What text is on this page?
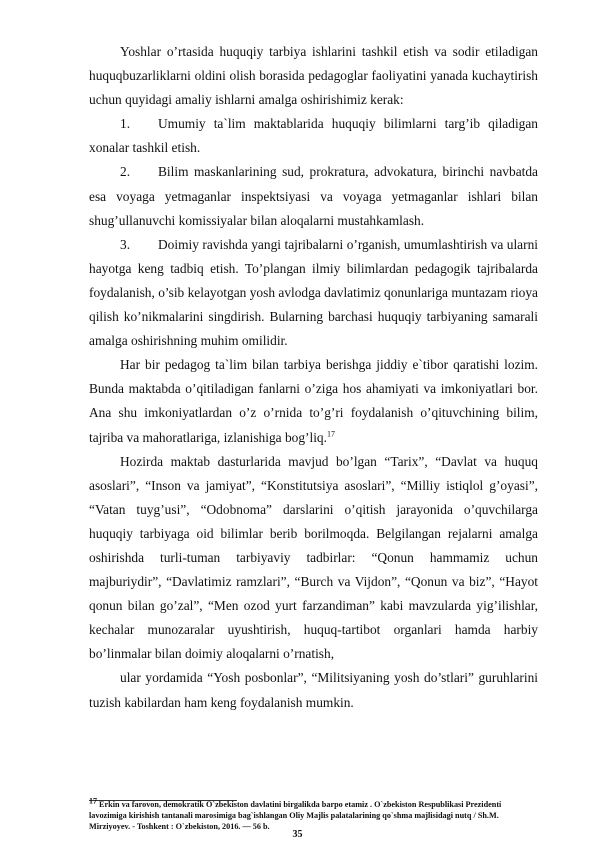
Yoshlar o’rtasida huquqiy tarbiya ishlarini tashkil etish va sodir etiladigan huquqbuzarliklarni oldini olish borasida pedagoglar faoliyatini yanada kuchaytirish uchun quyidagi amaliy ishlarni amalga oshirishimiz kerak:

1. Umumiy ta`lim maktablarida huquqiy bilimlarni targ’ib qiladigan xonalar tashkil etish.

2. Bilim maskanlarining sud, prokratura, advokatura, birinchi navbatda esa voyaga yetmaganlar inspektsiyasi va voyaga yetmaganlar ishlari bilan shug’ullanuvchi komissiyalar bilan aloqalarni mustahkamlash.

3. Doimiy ravishda yangi tajribalarni o’rganish, umumlashtirish va ularni hayotga keng tadbiq etish. To’plangan ilmiy bilimlardan pedagogik tajribalarda foydalanish, o’sib kelayotgan yosh avlodga davlatimiz qonunlariga muntazam rioya qilish ko’nikmalarini singdirish. Bularning barchasi huquqiy tarbiyaning samarali amalga oshirishning muhim omilidir.

Har bir pedagog ta`lim bilan tarbiya berishga jiddiy e`tibor qaratishi lozim. Bunda maktabda o’qitiladigan fanlarni o’ziga hos ahamiyati va imkoniyatlari bor. Ana shu imkoniyatlardan o’z o’rnida to’g’ri foydalanish o’qituvchining bilim, tajriba va mahoratlariga, izlanishiga bog’liq.$^{17}$

Hozirda maktab dasturlarida mavjud bo’lgan “Tarix”, “Davlat va huquq asoslari”, “Inson va jamiyat”, “Konstitutsiya asoslari”, “Milliy istiqlol g’oyasi”, “Vatan tuyg’usi”, “Odobnoma” darslarini o’qitish jarayonida o’quvchilarga huquqiy tarbiyaga oid bilimlar berib borilmoqda. Belgilangan rejalarni amalga oshirishda turli-tuman tarbiyaviy tadbirlar: “Qonun hammamiz uchun majburiydir”, “Davlatimiz ramzlari”, “Burch va Vijdon”, “Qonun va biz”, “Hayot qonun bilan go’zal”, “Men ozod yurt farzandiman” kabi mavzularda yig’ilishlar, kechalar munozaralar uyushtirish, huquq-tartibot organlari hamda harbiy bo’linmalar bilan doimiy aloqalarni o’rnatish,

ular yordamida “Yosh posbonlar”, “Militsiyaning yosh do’stlari” guruhlarini tuzish kabilardan ham keng foydalanish mumkin.

$^{17}$ Erkin va farovon, demokratik O`zbekiston davlatini birgalikda barpo etamiz . O`zbekiston Respublikasi Prezidenti lavozimiga kirishish tantanali marosimiga bag`ishlangan Oliy Majlis palatalarining qo`shma majlisidagi nutq / Sh.M. Mirziyoyev. - Toshkent : O`zbekiston, 2016. — 56 b.
35
